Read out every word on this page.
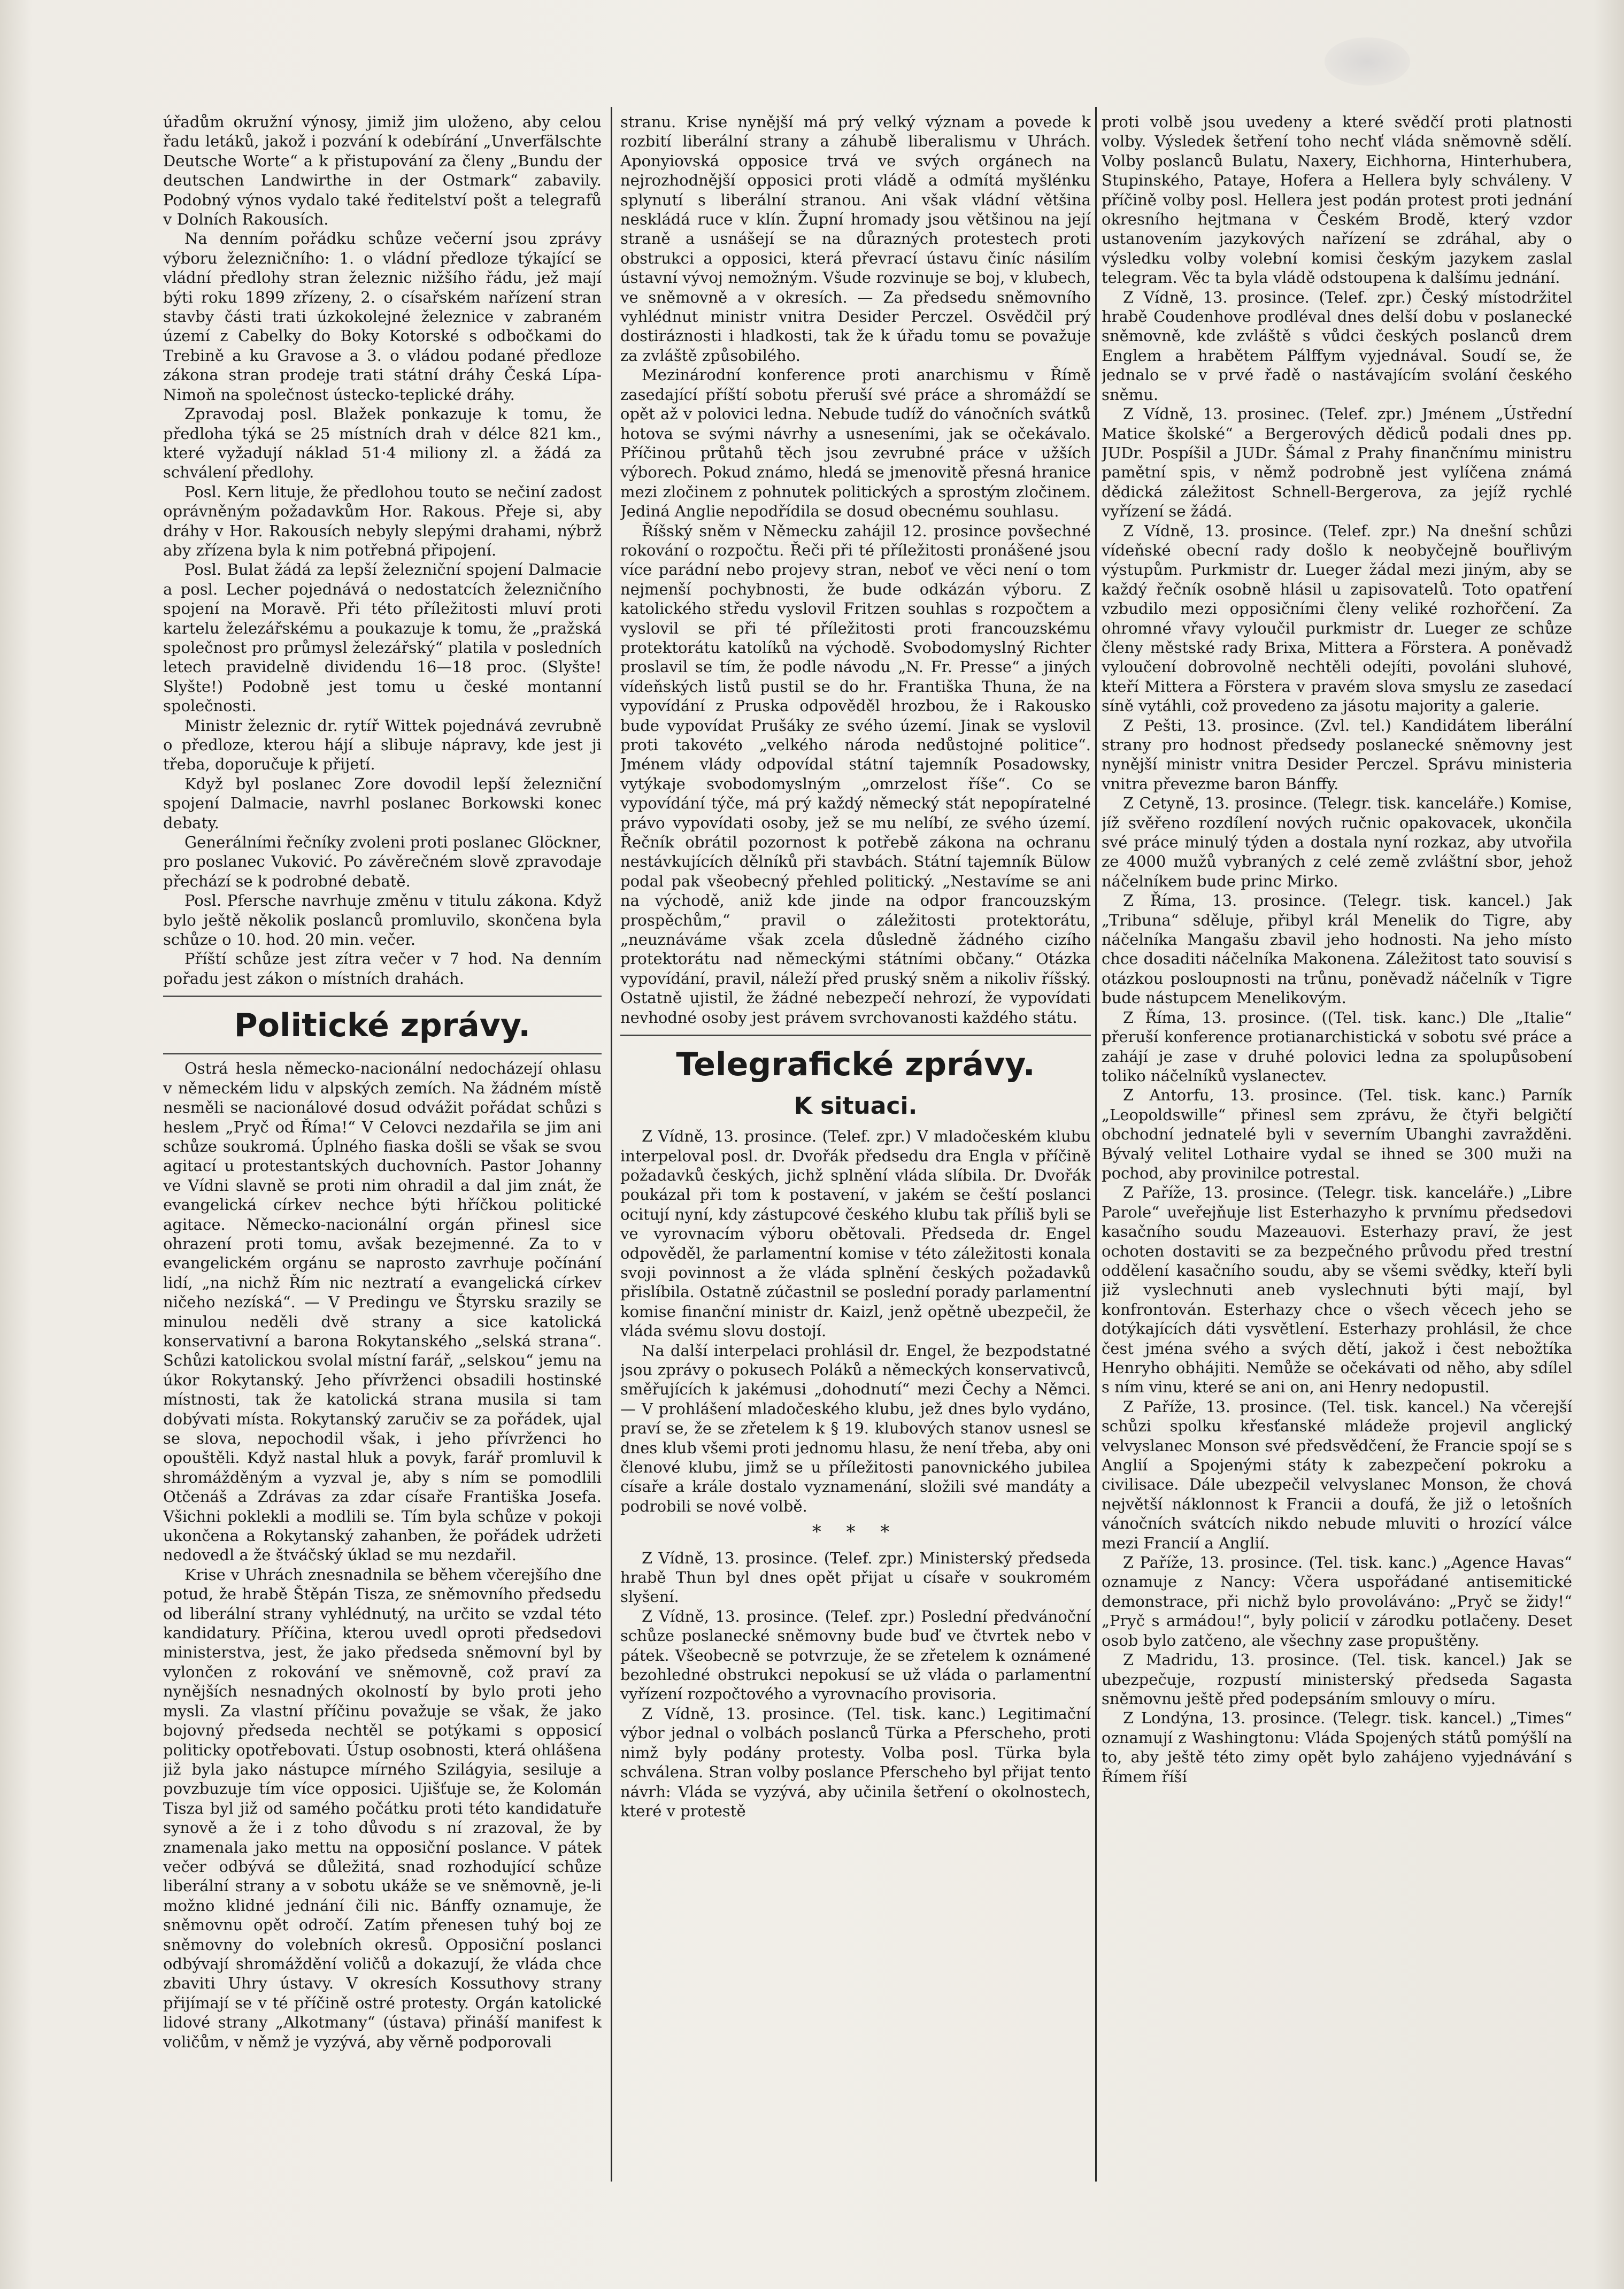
úřadům okružní výnosy, jimiž jim uloženo, aby celou řadu letáků, jakož i pozvání k odebírání „Unverfälschte Deutsche Worte“ a k přistupování za členy „Bundu der deutschen Landwirthe in der Ostmark“ zabavily. Podobný výnos vydalo také ředitelství pošt a telegrafů v Dolních Rakousích.

Na denním pořádku schůze večerní jsou zprávy výboru železničního: 1. o vládní předloze týkající se vládní předlohy stran železnic nižšího řádu, jež mají býti roku 1899 zřízeny, 2. o císařském nařízení stran stavby části trati úzkokolejné železnice v zabraném území z Cabelky do Boky Kotorské s odbočkami do Trebině a ku Gravose a 3. o vládou podané předloze zákona stran prodeje trati státní dráhy Česká Lípa-Nimoň na společnost ústecko-teplické dráhy.

Zpravodaj posl. Blažek ponkazuje k tomu, že předloha týká se 25 místních drah v délce 821 km., které vyžadují náklad 51·4 miliony zl. a žádá za schválení předlohy.

Posl. Kern lituje, že předlohou touto se nečiní zadost oprávněným požadavkům Hor. Rakous. Přeje si, aby dráhy v Hor. Rakousích nebyly slepými drahami, nýbrž aby zřízena byla k nim potřebná připojení.

Posl. Bulat žádá za lepší železniční spojení Dalmacie a posl. Lecher pojednává o nedostatcích železničního spojení na Moravě. Při této příležitosti mluví proti kartelu železářskému a poukazuje k tomu, že „pražská společnost pro průmysl železářský“ platila v posledních letech pravidelně dividendu 16—18 proc. (Slyšte! Slyšte!) Podobně jest tomu u české montanní společnosti.

Ministr železnic dr. rytíř Wittek pojednává zevrubně o předloze, kterou hájí a slibuje nápravy, kde jest ji třeba, doporučuje k přijetí.

Když byl poslanec Zore dovodil lepší železniční spojení Dalmacie, navrhl poslanec Borkowski konec debaty.

Generálními řečníky zvoleni proti poslanec Glöckner, pro poslanec Vuković. Po závěrečném slově zpravodaje přechází se k podrobné debatě.

Posl. Pfersche navrhuje změnu v titulu zákona. Když bylo ještě několik poslanců promluvilo, skončena byla schůze o 10. hod. 20 min. večer.

Příští schůze jest zítra večer v 7 hod. Na denním pořadu jest zákon o místních drahách.

Politické zprávy.

Ostrá hesla německo-nacionální nedocházejí ohlasu v německém lidu v alpských zemích. Na žádném místě nesměli se nacionálové dosud odvážit pořádat schůzi s heslem „Pryč od Říma!“ V Celovci nezdařila se jim ani schůze soukromá. Úplného fiaska došli se však se svou agitací u protestantských duchovních. Pastor Johanny ve Vídni slavně se proti nim ohradil a dal jim znát, že evangelická církev nechce býti hříčkou politické agitace. Německo-nacionální orgán přinesl sice ohrazení proti tomu, avšak bezejmenné. Za to v evangelickém orgánu se naprosto zavrhuje počínání lidí, „na nichž Řím nic neztratí a evangelická církev ničeho nezíská“. — V Predingu ve Štyrsku srazily se minulou neděli dvě strany a sice katolická konservativní a barona Rokytanského „selská strana“. Schůzi katolickou svolal místní farář, „selskou“ jemu na úkor Rokytanský. Jeho přívrženci obsadili hostinské místnosti, tak že katolická strana musila si tam dobývati místa. Rokytanský zaručiv se za pořádek, ujal se slova, nepochodil však, i jeho přívrženci ho opouštěli. Když nastal hluk a povyk, farář promluvil k shromážděným a vyzval je, aby s ním se pomodlili Otčenáš a Zdrávas za zdar císaře Františka Josefa. Všichni poklekli a modlili se. Tím byla schůze v pokoji ukončena a Rokytanský zahanben, že pořádek udržeti nedovedl a že štváčský úklad se mu nezdařil.

Krise v Uhrách znesnadnila se během včerejšího dne potud, že hrabě Štěpán Tisza, ze sněmovního předsedu od liberální strany vyhlédnutý, na určito se vzdal této kandidatury. Příčina, kterou uvedl oproti předsedovi ministerstva, jest, že jako předseda sněmovní byl by vylončen z rokování ve sněmovně, což praví za nynějších nesnadných okolností by bylo proti jeho mysli. Za vlastní příčinu považuje se však, že jako bojovný předseda nechtěl se potýkami s opposicí politicky opotřebovati. Ústup osobnosti, která ohlášena již byla jako nástupce mírného Szilágyia, sesiluje a povzbuzuje tím více opposici. Ujišťuje se, že Kolomán Tisza byl již od samého počátku proti této kandidatuře synově a že i z toho důvodu s ní zrazoval, že by znamenala jako mettu na opposiční poslance. V pátek večer odbývá se důležitá, snad rozhodující schůze liberální strany a v sobotu ukáže se ve sněmovně, je-li možno klidné jednání čili nic. Bánffy oznamuje, že sněmovnu opět odročí. Zatím přenesen tuhý boj ze sněmovny do volebních okresů. Opposiční poslanci odbývají shromáždění voličů a dokazují, že vláda chce zbaviti Uhry ústavy. V okresích Kossuthovy strany přijímají se v té příčině ostré protesty. Orgán katolické lidové strany „Alkotmany“ (ústava) přináší manifest k voličům, v němž je vyzývá, aby věrně podporovali

stranu. Krise nynější má prý velký význam a povede k rozbití liberální strany a záhubě liberalismu v Uhrách. Aponyiovská opposice trvá ve svých orgánech na nejrozhodnější opposici proti vládě a odmítá myšlénku splynutí s liberální stranou. Ani však vládní většina neskládá ruce v klín. Župní hromady jsou většinou na její straně a usnášejí se na důrazných protestech proti obstrukci a opposici, která převrací ústavu činíc násilím ústavní vývoj nemožným. Všude rozvinuje se boj, v klubech, ve sněmovně a v okresích. — Za předsedu sněmovního vyhlédnut ministr vnitra Desider Perczel. Osvědčil prý dostiráznosti i hladkosti, tak že k úřadu tomu se považuje za zvláště způsobilého.

Mezinárodní konference proti anarchismu v Římě zasedající příští sobotu přeruší své práce a shromáždí se opět až v polovici ledna. Nebude tudíž do vánočních svátků hotova se svými návrhy a usneseními, jak se očekávalo. Příčinou průtahů těch jsou zevrubné práce v užších výborech. Pokud známo, hledá se jmenovitě přesná hranice mezi zločinem z pohnutek politických a sprostým zločinem. Jediná Anglie nepodřídila se dosud obecnému souhlasu.

Říšský sněm v Německu zahájil 12. prosince povšechné rokování o rozpočtu. Řeči při té příležitosti pronášené jsou více parádní nebo projevy stran, neboť ve věci není o tom nejmenší pochybnosti, že bude odkázán výboru. Z katolického středu vyslovil Fritzen souhlas s rozpočtem a vyslovil se při té příležitosti proti francouzskému protektorátu katolíků na východě. Svobodomyslný Richter proslavil se tím, že podle návodu „N. Fr. Presse“ a jiných vídeňských listů pustil se do hr. Františka Thuna, že na vypovídání z Pruska odpověděl hrozbou, že i Rakousko bude vypovídat Prušáky ze svého území. Jinak se vyslovil proti takovéto „velkého národa nedůstojné politice“. Jménem vlády odpovídal státní tajemník Posadowsky, vytýkaje svobodomyslným „omrzelost říše“. Co se vypovídání týče, má prý každý německý stát nepopíratelné právo vypovídati osoby, jež se mu nelíbí, ze svého území. Řečník obrátil pozornost k potřebě zákona na ochranu nestávkujících dělníků při stavbách. Státní tajemník Bülow podal pak všeobecný přehled politický. „Nestavíme se ani na východě, aniž kde jinde na odpor francouzským prospěchům,“ pravil o záležitosti protektorátu, „neuznáváme však zcela důsledně žádného cizího protektorátu nad německými státními občany.“ Otázka vypovídání, pravil, náleží před pruský sněm a nikoliv říšský. Ostatně ujistil, že žádné nebezpečí nehrozí, že vypovídati nevhodné osoby jest právem svrchovanosti každého státu.

Telegrafické zprávy.
K situaci.

Z Vídně, 13. prosince. (Telef. zpr.) V mladočeském klubu interpeloval posl. dr. Dvořák předsedu dra Engla v příčině požadavků českých, jichž splnění vláda slíbila. Dr. Dvořák poukázal při tom k postavení, v jakém se čeští poslanci ocitují nyní, kdy zástupcové českého klubu tak příliš byli se ve vyrovnacím výboru obětovali. Předseda dr. Engel odpověděl, že parlamentní komise v této záležitosti konala svoji povinnost a že vláda splnění českých požadavků přislíbila. Ostatně zúčastnil se poslední porady parlamentní komise finanční ministr dr. Kaizl, jenž opětně ubezpečil, že vláda svému slovu dostojí.

Na další interpelaci prohlásil dr. Engel, že bezpodstatné jsou zprávy o pokusech Poláků a německých konservativců, směřujících k jakémusi „dohodnutí“ mezi Čechy a Němci. — V prohlášení mladočeského klubu, jež dnes bylo vydáno, praví se, že se zřetelem k § 19. klubových stanov usnesl se dnes klub všemi proti jednomu hlasu, že není třeba, aby oni členové klubu, jimž se u příležitosti panovnického jubilea císaře a krále dostalo vyznamenání, složili své mandáty a podrobili se nové volbě.

* * *

Z Vídně, 13. prosince. (Telef. zpr.) Ministerský předseda hrabě Thun byl dnes opět přijat u císaře v soukromém slyšení.

Z Vídně, 13. prosince. (Telef. zpr.) Poslední předvánoční schůze poslanecké sněmovny bude buď ve čtvrtek nebo v pátek. Všeobecně se potvrzuje, že se zřetelem k oznámené bezohledné obstrukci nepokusí se už vláda o parlamentní vyřízení rozpočtového a vyrovnacího provisoria.

Z Vídně, 13. prosince. (Tel. tisk. kanc.) Legitimační výbor jednal o volbách poslanců Türka a Pferscheho, proti nimž byly podány protesty. Volba posl. Türka byla schválena. Stran volby poslance Pferscheho byl přijat tento návrh: Vláda se vyzývá, aby učinila šetření o okolnostech, které v protestě

proti volbě jsou uvedeny a které svědčí proti platnosti volby. Výsledek šetření toho nechť vláda sněmovně sdělí. Volby poslanců Bulatu, Naxery, Eichhorna, Hinterhubera, Stupinského, Pataye, Hofera a Hellera byly schváleny. V příčině volby posl. Hellera jest podán protest proti jednání okresního hejtmana v Českém Brodě, který vzdor ustanovením jazykových nařízení se zdráhal, aby o výsledku volby volební komisi českým jazykem zaslal telegram. Věc ta byla vládě odstoupena k dalšímu jednání.

Z Vídně, 13. prosince. (Telef. zpr.) Český místodržitel hrabě Coudenhove prodléval dnes delší dobu v poslanecké sněmovně, kde zvláště s vůdci českých poslanců drem Englem a hrabětem Pálffym vyjednával. Soudí se, že jednalo se v prvé řadě o nastávajícím svolání českého sněmu.

Z Vídně, 13. prosinec. (Telef. zpr.) Jménem „Ústřední Matice školské“ a Bergerových dědiců podali dnes pp. JUDr. Pospíšil a JUDr. Šámal z Prahy finančnímu ministru pamětní spis, v němž podrobně jest vylíčena známá dědická záležitost Schnell-Bergerova, za jejíž rychlé vyřízení se žádá.

Z Vídně, 13. prosince. (Telef. zpr.) Na dnešní schůzi vídeňské obecní rady došlo k neobyčejně bouřlivým výstupům. Purkmistr dr. Lueger žádal mezi jiným, aby se každý řečník osobně hlásil u zapisovatelů. Toto opatření vzbudilo mezi opposičními členy veliké rozhořčení. Za ohromné vřavy vyloučil purkmistr dr. Lueger ze schůze členy městské rady Brixa, Mittera a Förstera. A poněvadž vyloučení dobrovolně nechtěli odejíti, povoláni sluhové, kteří Mittera a Förstera v pravém slova smyslu ze zasedací síně vytáhli, což provedeno za jásotu majority a galerie.

Z Pešti, 13. prosince. (Zvl. tel.) Kandidátem liberální strany pro hodnost předsedy poslanecké sněmovny jest nynější ministr vnitra Desider Perczel. Správu ministeria vnitra převezme baron Bánffy.

Z Cetyně, 13. prosince. (Telegr. tisk. kanceláře.) Komise, jíž svěřeno rozdílení nových ručnic opakovacek, ukončila své práce minulý týden a dostala nyní rozkaz, aby utvořila ze 4000 mužů vybraných z celé země zvláštní sbor, jehož náčelníkem bude princ Mirko.

Z Říma, 13. prosince. (Telegr. tisk. kancel.) Jak „Tribuna“ sděluje, přibyl král Menelik do Tigre, aby náčelníka Mangašu zbavil jeho hodnosti. Na jeho místo chce dosaditi náčelníka Makonena. Záležitost tato souvisí s otázkou posloupnosti na trůnu, poněvadž náčelník v Tigre bude nástupcem Menelikovým.

Z Říma, 13. prosince. ((Tel. tisk. kanc.) Dle „Italie“ přeruší konference protianarchistická v sobotu své práce a zahájí je zase v druhé polovici ledna za spolupůsobení toliko náčelníků vyslanectev.

Z Antorfu, 13. prosince. (Tel. tisk. kanc.) Parník „Leopoldswille“ přinesl sem zprávu, že čtyři belgičtí obchodní jednatelé byli v severním Ubanghi zavražděni. Bývalý velitel Lothaire vydal se ihned se 300 muži na pochod, aby provinilce potrestal.

Z Paříže, 13. prosince. (Telegr. tisk. kanceláře.) „Libre Parole“ uveřejňuje list Esterhazyho k prvnímu předsedovi kasačního soudu Mazeauovi. Esterhazy praví, že jest ochoten dostaviti se za bezpečného průvodu před trestní oddělení kasačního soudu, aby se všemi svědky, kteří byli již vyslechnuti aneb vyslechnuti býti mají, byl konfrontován. Esterhazy chce o všech věcech jeho se dotýkajících dáti vysvětlení. Esterhazy prohlásil, že chce čest jména svého a svých dětí, jakož i čest nebožtíka Henryho obhájiti. Nemůže se očekávati od něho, aby sdílel s ním vinu, které se ani on, ani Henry nedopustil.

Z Paříže, 13. prosince. (Tel. tisk. kancel.) Na včerejší schůzi spolku křesťanské mládeže projevil anglický velvyslanec Monson své předsvědčení, že Francie spojí se s Anglií a Spojenými státy k zabezpečení pokroku a civilisace. Dále ubezpečil velvyslanec Monson, že chová největší náklonnost k Francii a doufá, že již o letošních vánočních svátcích nikdo nebude mluviti o hrozící válce mezi Francií a Anglií.

Z Paříže, 13. prosince. (Tel. tisk. kanc.) „Agence Havas“ oznamuje z Nancy: Včera uspořádané antisemitické demonstrace, při nichž bylo provoláváno: „Pryč se židy!“ „Pryč s armádou!“, byly policií v zárodku potlačeny. Deset osob bylo zatčeno, ale všechny zase propuštěny.

Z Madridu, 13. prosince. (Tel. tisk. kancel.) Jak se ubezpečuje, rozpustí ministerský předseda Sagasta sněmovnu ještě před podepsáním smlouvy o míru.

Z Londýna, 13. prosince. (Telegr. tisk. kancel.) „Times“ oznamují z Washingtonu: Vláda Spojených států pomýšlí na to, aby ještě této zimy opět bylo zahájeno vyjednávání s Římem říší
